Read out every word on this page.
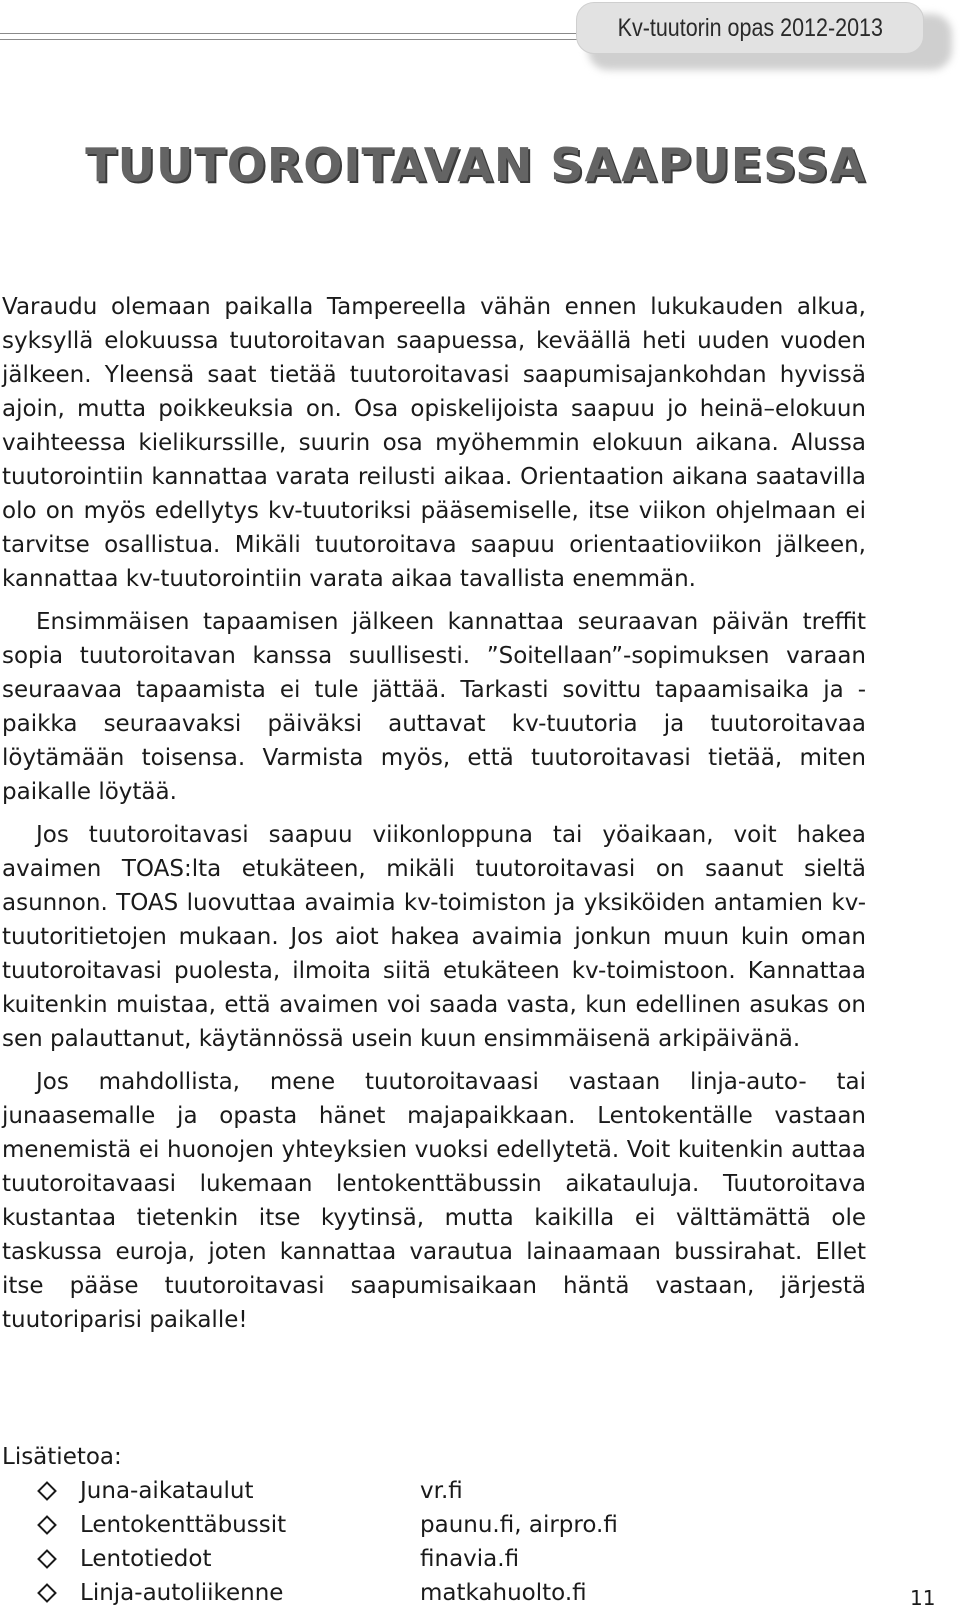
Kv-tuutorin opas 2012-2013
TUUTOROITAVAN SAAPUESSA

Varaudu olemaan paikalla Tampereella vähän ennen lukukauden alkua, syksyllä elokuussa tuutoroitavan saapuessa, keväällä heti uuden vuoden jälkeen. Yleensä saat tietää tuutoroitavasi saapumisajankohdan hyvissä ajoin, mutta poikkeuksia on. Osa opiskelijoista saapuu jo heinä–elokuun vaihteessa kielikurssille, suurin osa myöhemmin elokuun aikana. Alussa tuutorointiin kannattaa varata reilusti aikaa. Orientaation aikana saatavilla olo on myös edellytys kv-tuutoriksi pääsemiselle, itse viikon ohjelmaan ei tarvitse osallistua. Mikäli tuutoroitava saapuu orientaatioviikon jälkeen, kannattaa kv-tuutorointiin varata aikaa tavallista enemmän.

Ensimmäisen tapaamisen jälkeen kannattaa seuraavan päivän treffit sopia tuutoroitavan kanssa suullisesti. ”Soitellaan”-sopimuksen varaan seuraavaa tapaamista ei tule jättää. Tarkasti sovittu tapaamisaika ja -paikka seuraavaksi päiväksi auttavat kv-tuutoria ja tuutoroitavaa löytämään toisensa. Varmista myös, että tuutoroitavasi tietää, miten paikalle löytää.

Jos tuutoroitavasi saapuu viikonloppuna tai yöaikaan, voit hakea avaimen TOAS:lta etukäteen, mikäli tuutoroitavasi on saanut sieltä asunnon. TOAS luovuttaa avaimia kv-toimiston ja yksiköiden antamien kv-tuutoritietojen mukaan. Jos aiot hakea avaimia jonkun muun kuin oman tuutoroitavasi puolesta, ilmoita siitä etukäteen kv-toimistoon. Kannattaa kuitenkin muistaa, että avaimen voi saada vasta, kun edellinen asukas on sen palauttanut, käytännössä usein kuun ensimmäisenä arkipäivänä.

Jos mahdollista, mene tuutoroitavaasi vastaan linja-auto- tai junaasemalle ja opasta hänet majapaikkaan. Lentokentälle vastaan menemistä ei huonojen yhteyksien vuoksi edellytetä. Voit kuitenkin auttaa tuutoroitavaasi lukemaan lentokenttäbussin aikatauluja. Tuutoroitava kustantaa tietenkin itse kyytinsä, mutta kaikilla ei välttämättä ole taskussa euroja, joten kannattaa varautua lainaamaan bussirahat. Ellet itse pääse tuutoroitavasi saapumisaikaan häntä vastaan, järjestä tuutoriparisi paikalle!

Lisätietoa:
Juna-aikataulut	vr.fi
Lentokenttäbussit	paunu.fi, airpro.fi
Lentotiedot	finavia.fi
Linja-autoliikenne	matkahuolto.fi	11
